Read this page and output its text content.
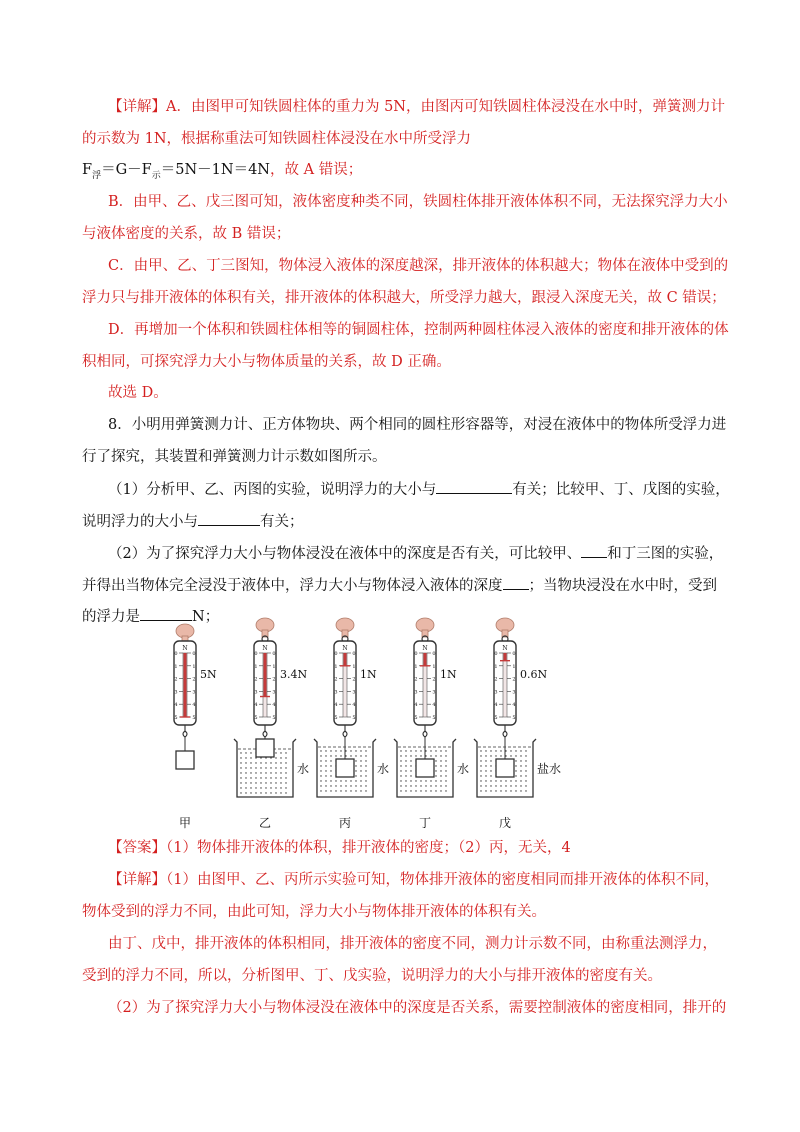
【详解】A．由图甲可知铁圆柱体的重力为 5N，由图丙可知铁圆柱体浸没在水中时，弹簧测力计
的示数为 1N，根据称重法可知铁圆柱体浸没在水中所受浮力
$F_浮=G-F_示=5N-1N=4N$，故 A 错误；
B．由甲、乙、戊三图可知，液体密度种类不同，铁圆柱体排开液体体积不同，无法探究浮力大小
与液体密度的关系，故 B 错误；
C．由甲、乙、丁三图知，物体浸入液体的深度越深，排开液体的体积越大；物体在液体中受到的
浮力只与排开液体的体积有关，排开液体的体积越大，所受浮力越大，跟浸入深度无关，故 C 错误；
D．再增加一个体积和铁圆柱体相等的铜圆柱体，控制两种圆柱体浸入液体的密度和排开液体的体
积相同，可探究浮力大小与物体质量的关系，故 D 正确。
故选 D。
8．小明用弹簧测力计、正方体物块、两个相同的圆柱形容器等，对浸在液体中的物体所受浮力进
行了探究，其装置和弹簧测力计示数如图所示。
（1）分析甲、乙、丙图的实验，说明浮力的大小与	有关；比较甲、丁、戊图的实验，
说明浮力的大小与	有关；
（2）为了探究浮力大小与物体浸没在液体中的深度是否有关，可比较甲、 和丁三图的实验，
并得出当物体完全浸没于液体中，浮力大小与物体浸入液体的深度 ；当物块浸没在水中时，受到
的浮力是	N；
N
0	0
1	1
2	2
3	3
4	4
5	5
5N
甲
N
0	0
1	1
2	2
3	3
4	4
5	5
3.4N
水
乙
N
0	0
1	1
2	2
3	3
4	4
5	5
1N
水
丙
N
0	0
1	1
2	2
3	3
4	4
5	5
1N
水
丁
N
0	0
1	1
2	2
3	3
4	4
5	5
0.6N
盐水
戊
【答案】（1）物体排开液体的体积，排开液体的密度；（2）丙，无关，4
【详解】（1）由图甲、乙、丙所示实验可知，物体排开液体的密度相同而排开液体的体积不同，
物体受到的浮力不同，由此可知，浮力大小与物体排开液体的体积有关。
由丁、戊中，排开液体的体积相同，排开液体的密度不同，测力计示数不同，由称重法测浮力，
受到的浮力不同，所以，分析图甲、丁、戊实验，说明浮力的大小与排开液体的密度有关。
（2）为了探究浮力大小与物体浸没在液体中的深度是否关系，需要控制液体的密度相同，排开的
